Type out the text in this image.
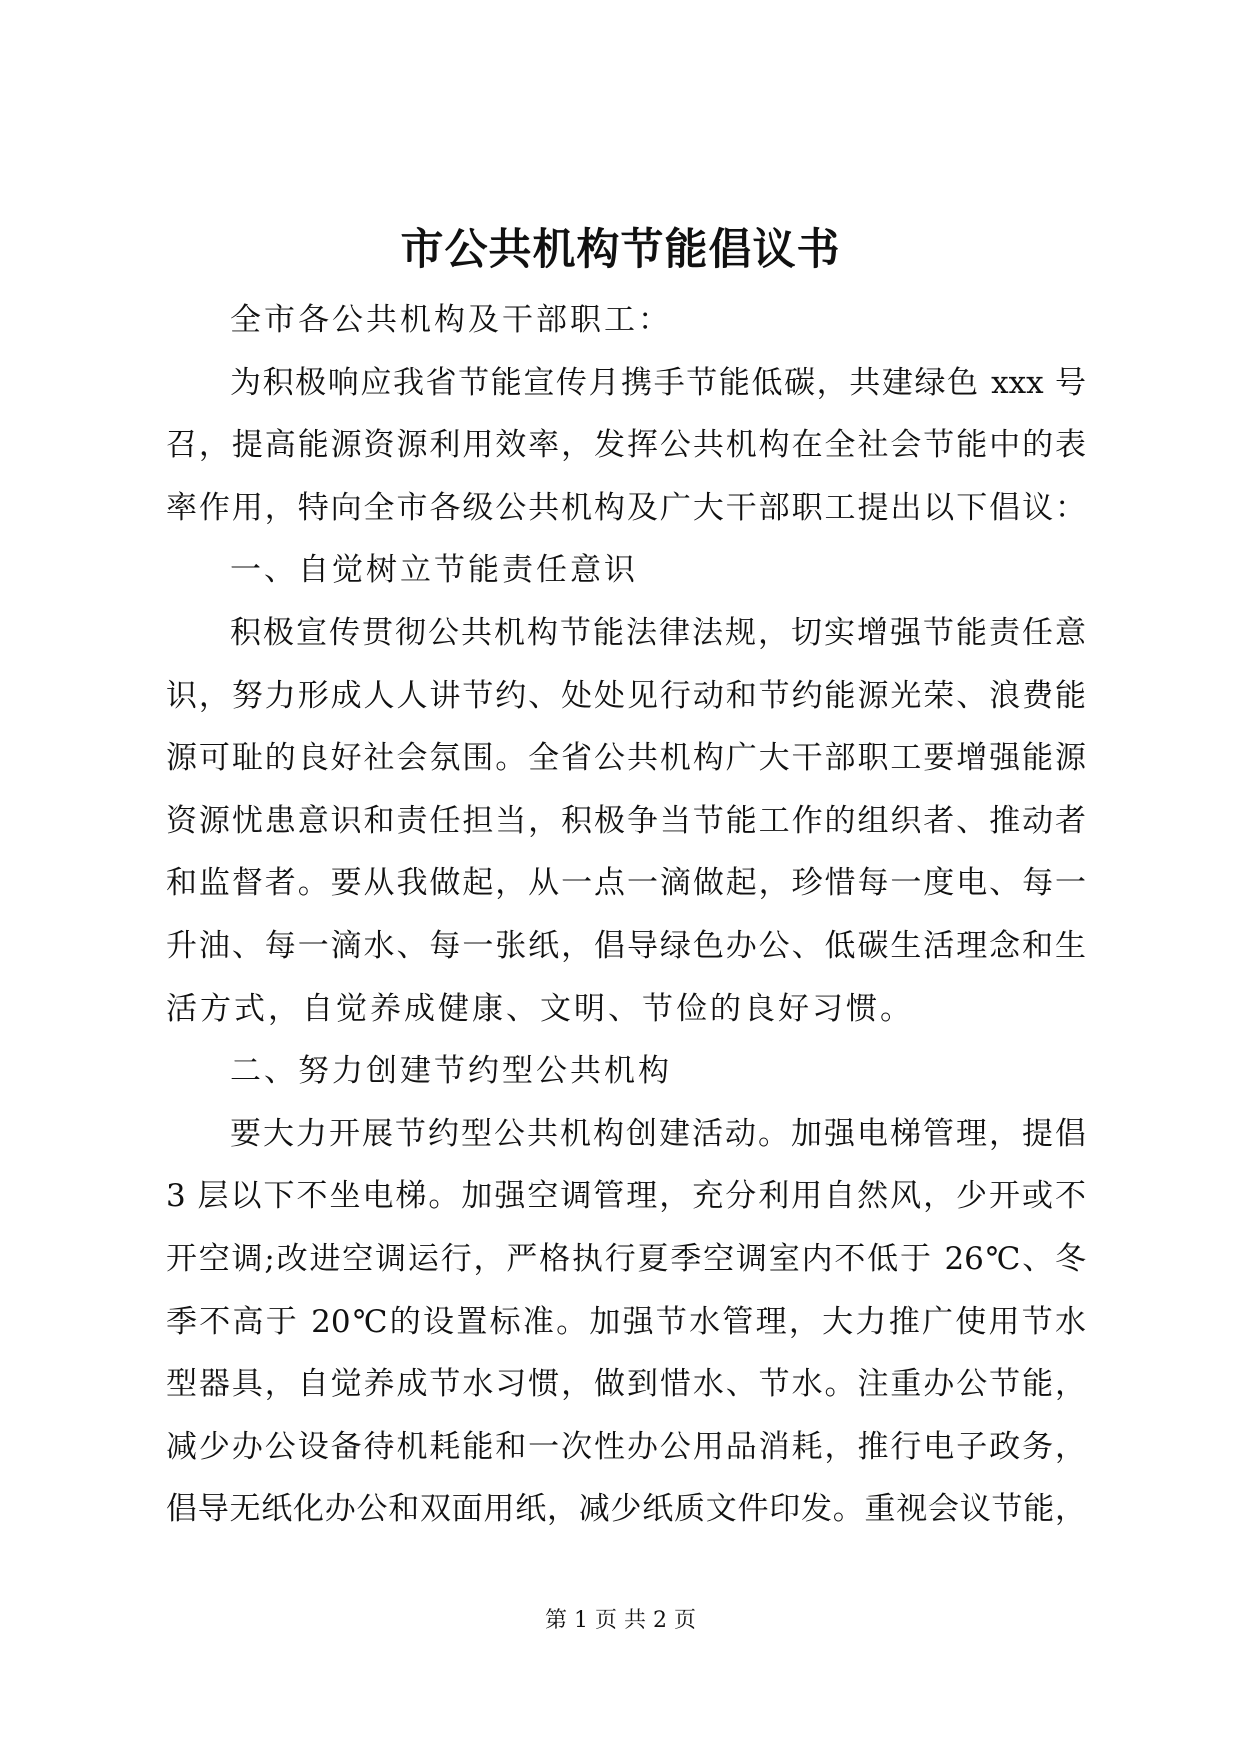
市公共机构节能倡议书
全市各公共机构及干部职工：
为积极响应我省节能宣传月携手节能低碳，共建绿色 xxx 号
召，提高能源资源利用效率，发挥公共机构在全社会节能中的表
率作用，特向全市各级公共机构及广大干部职工提出以下倡议：
一、自觉树立节能责任意识
积极宣传贯彻公共机构节能法律法规，切实增强节能责任意
识，努力形成人人讲节约、处处见行动和节约能源光荣、浪费能
源可耻的良好社会氛围。全省公共机构广大干部职工要增强能源
资源忧患意识和责任担当，积极争当节能工作的组织者、推动者
和监督者。要从我做起，从一点一滴做起，珍惜每一度电、每一
升油、每一滴水、每一张纸，倡导绿色办公、低碳生活理念和生
活方式，自觉养成健康、文明、节俭的良好习惯。
二、努力创建节约型公共机构
要大力开展节约型公共机构创建活动。加强电梯管理，提倡
3 层以下不坐电梯。加强空调管理，充分利用自然风，少开或不
开空调;改进空调运行，严格执行夏季空调室内不低于 26℃、冬
季不高于 20℃的设置标准。加强节水管理，大力推广使用节水
型器具，自觉养成节水习惯，做到惜水、节水。注重办公节能，
减少办公设备待机耗能和一次性办公用品消耗，推行电子政务，
倡导无纸化办公和双面用纸，减少纸质文件印发。重视会议节能，
第 1 页 共 2 页
